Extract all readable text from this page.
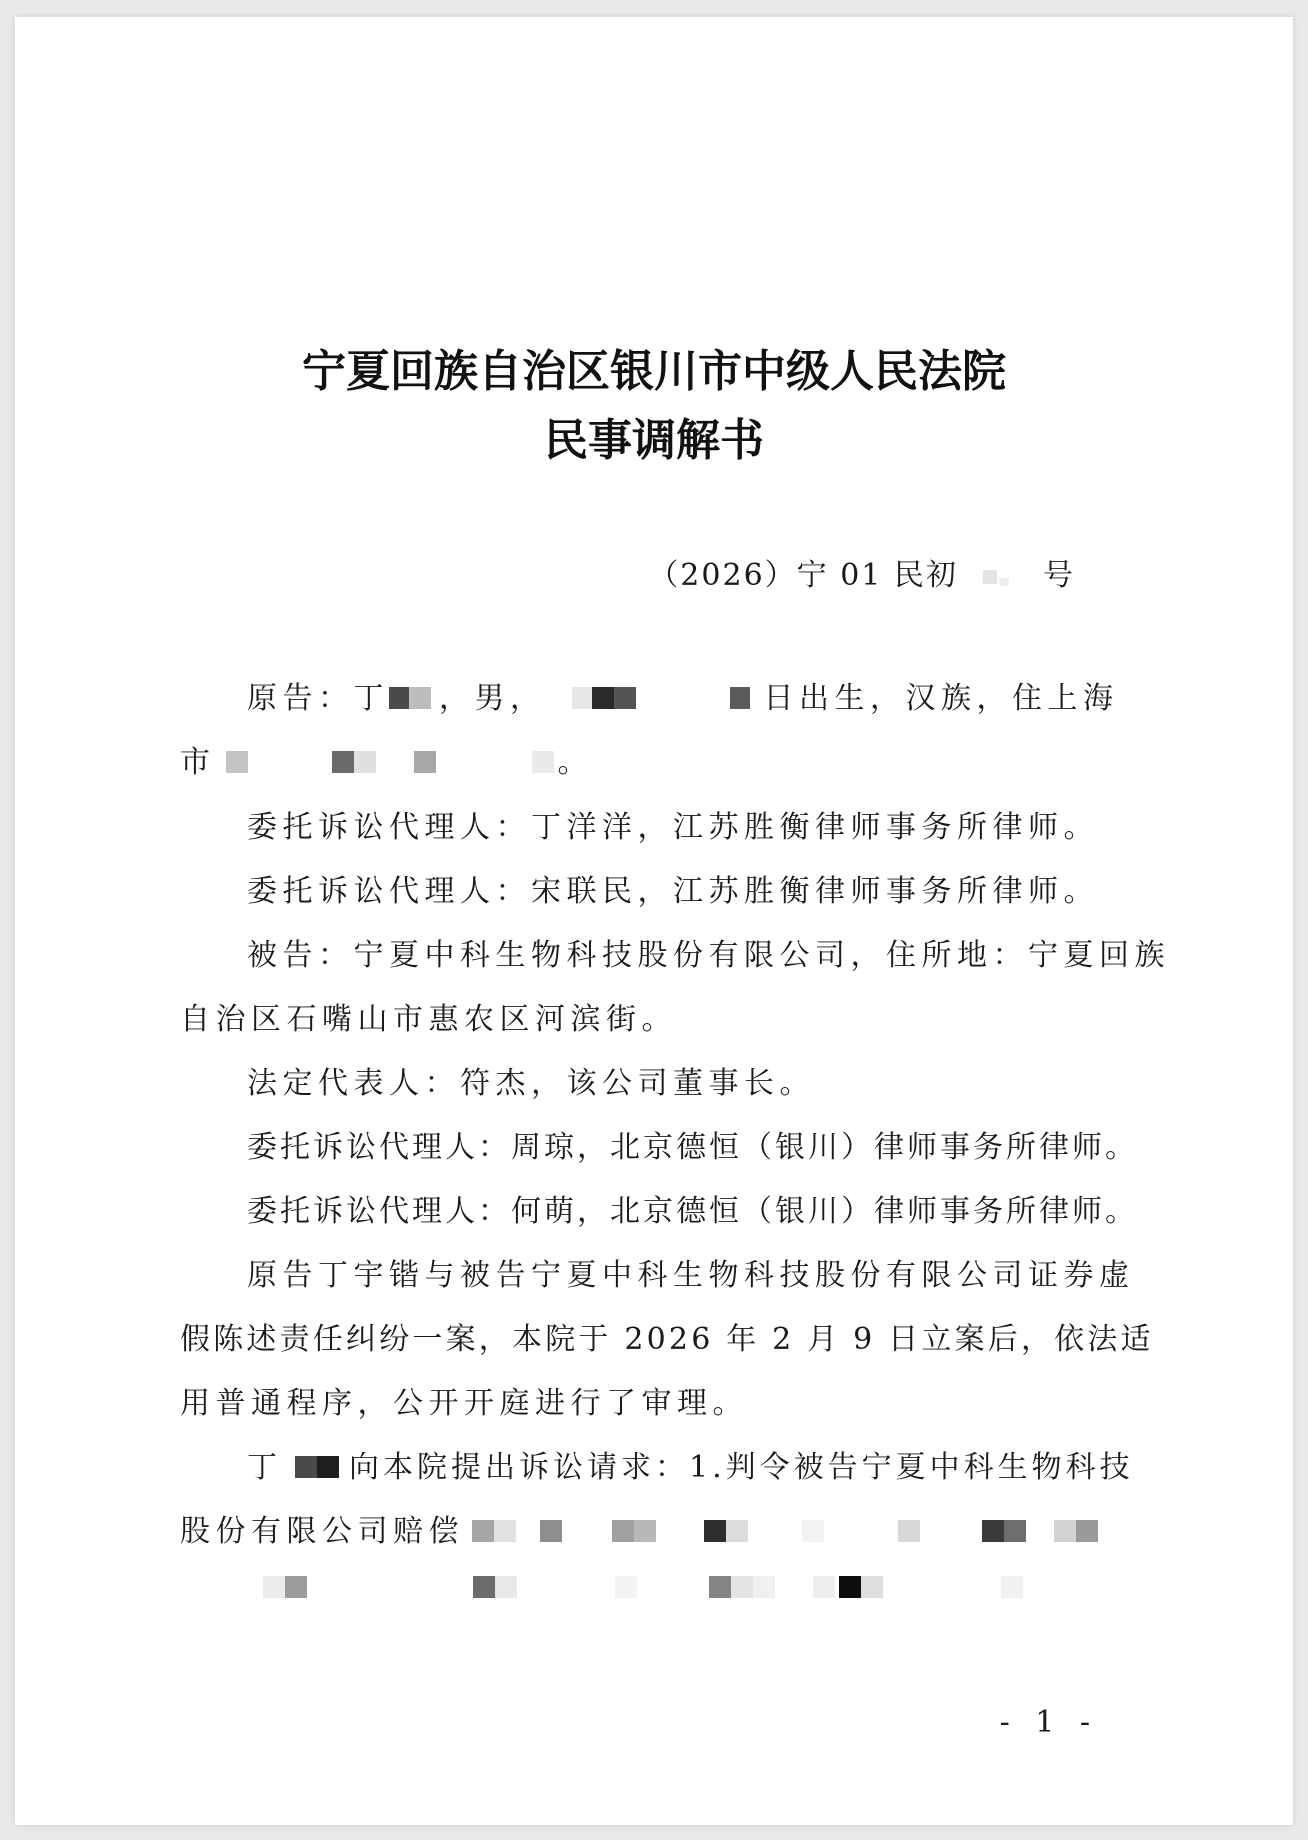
宁夏回族自治区银川市中级人民法院
民事调解书
（2026）宁 01 民初	号
原告：丁 ，男，	日出生，汉族，住上海
市	。
委托诉讼代理人：丁洋洋，江苏胜衡律师事务所律师。
委托诉讼代理人：宋联民，江苏胜衡律师事务所律师。
被告：宁夏中科生物科技股份有限公司，住所地：宁夏回族
自治区石嘴山市惠农区河滨街。
法定代表人：符杰，该公司董事长。
委托诉讼代理人：周琼，北京德恒（银川）律师事务所律师。
委托诉讼代理人：何萌，北京德恒（银川）律师事务所律师。
原告丁宇锴与被告宁夏中科生物科技股份有限公司证券虚
假陈述责任纠纷一案，本院于 2026 年 2 月 9 日立案后，依法适
用普通程序，公开开庭进行了审理。
丁 向本院提出诉讼请求：1.判令被告宁夏中科生物科技
股份有限公司赔偿
- 1 -
